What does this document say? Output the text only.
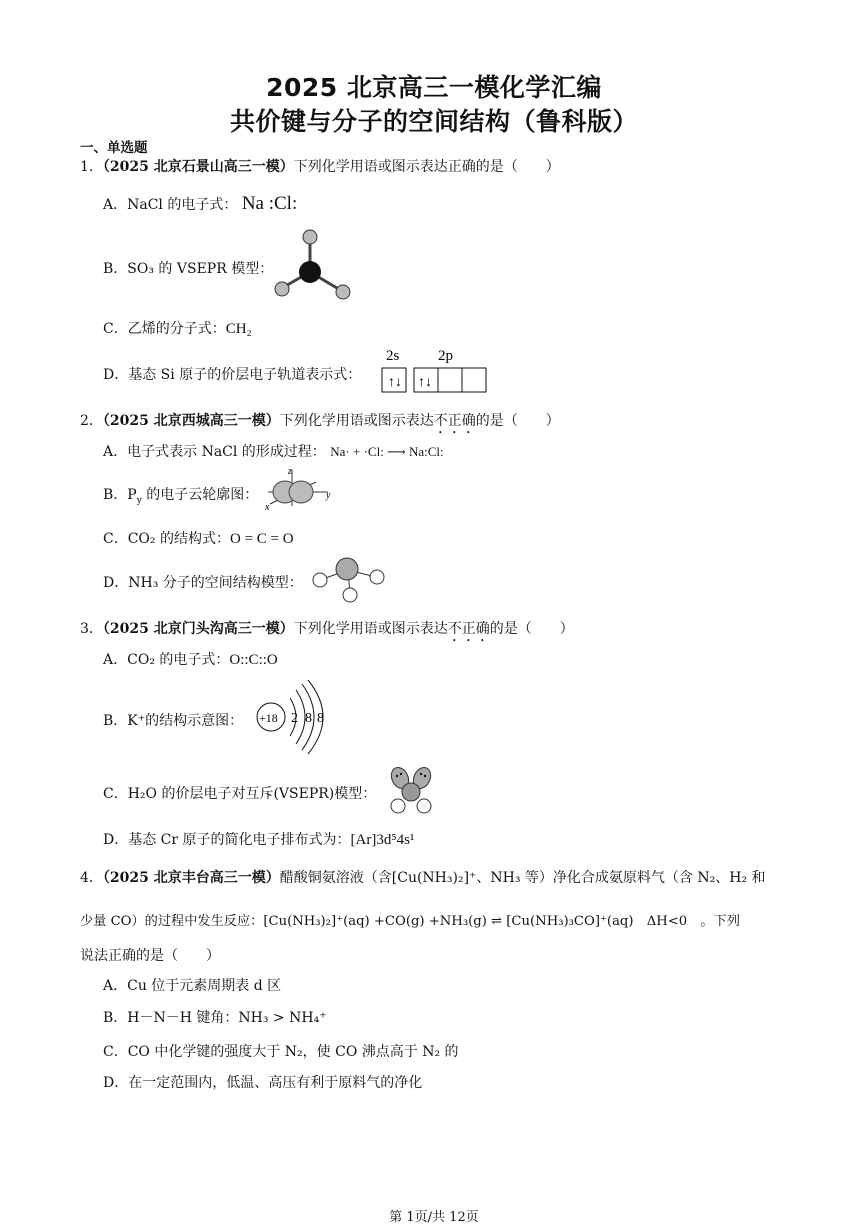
2025 北京高三一模化学汇编
共价键与分子的空间结构（鲁科版）
一、单选题
1．（2025 北京石景山高三一模）下列化学用语或图示表达正确的是（　　）
A．NaCl 的电子式： Na :Cl:
B．SO₃ 的 VSEPR 模型：
C．乙烯的分子式：CH₂
D．基态 Si 原子的价层电子轨道表示式：
2s	2p
↑↓ ↑↓
2．（2025 北京西城高三一模）下列化学用语或图示表达不正确的是（　　）
A．电子式表示 NaCl 的形成过程： Na· + ·Cl: ⟶ Na:Cl:
B．$P_y$ 的电子云轮廓图：
z
x
y
C．CO₂ 的结构式：O = C = O
D．NH₃ 分子的空间结构模型：
3．（2025 北京门头沟高三一模）下列化学用语或图示表达不正确的是（　　）
A．CO₂ 的电子式：O::C::O
B．K⁺的结构示意图： +18 2 8 8
C．H₂O 的价层电子对互斥(VSEPR)模型：
D．基态 Cr 原子的简化电子排布式为：[Ar]3d⁵4s¹
4．（2025 北京丰台高三一模）醋酸铜氨溶液（含[Cu(NH₃)₂]⁺、NH₃ 等）净化合成氨原料气（含 N₂、H₂ 和
少量 CO）的过程中发生反应：[Cu(NH₃)₂]⁺(aq) +CO(g) +NH₃(g) ⇌ [Cu(NH₃)₃CO]⁺(aq)　ΔH<0　。下列
说法正确的是（　　）
A．Cu 位于元素周期表 d 区
B．H－N－H 键角：NH₃ > NH₄⁺
C．CO 中化学键的强度大于 N₂，使 CO 沸点高于 N₂ 的
D．在一定范围内，低温、高压有利于原料气的净化
第 1页/共 12页
